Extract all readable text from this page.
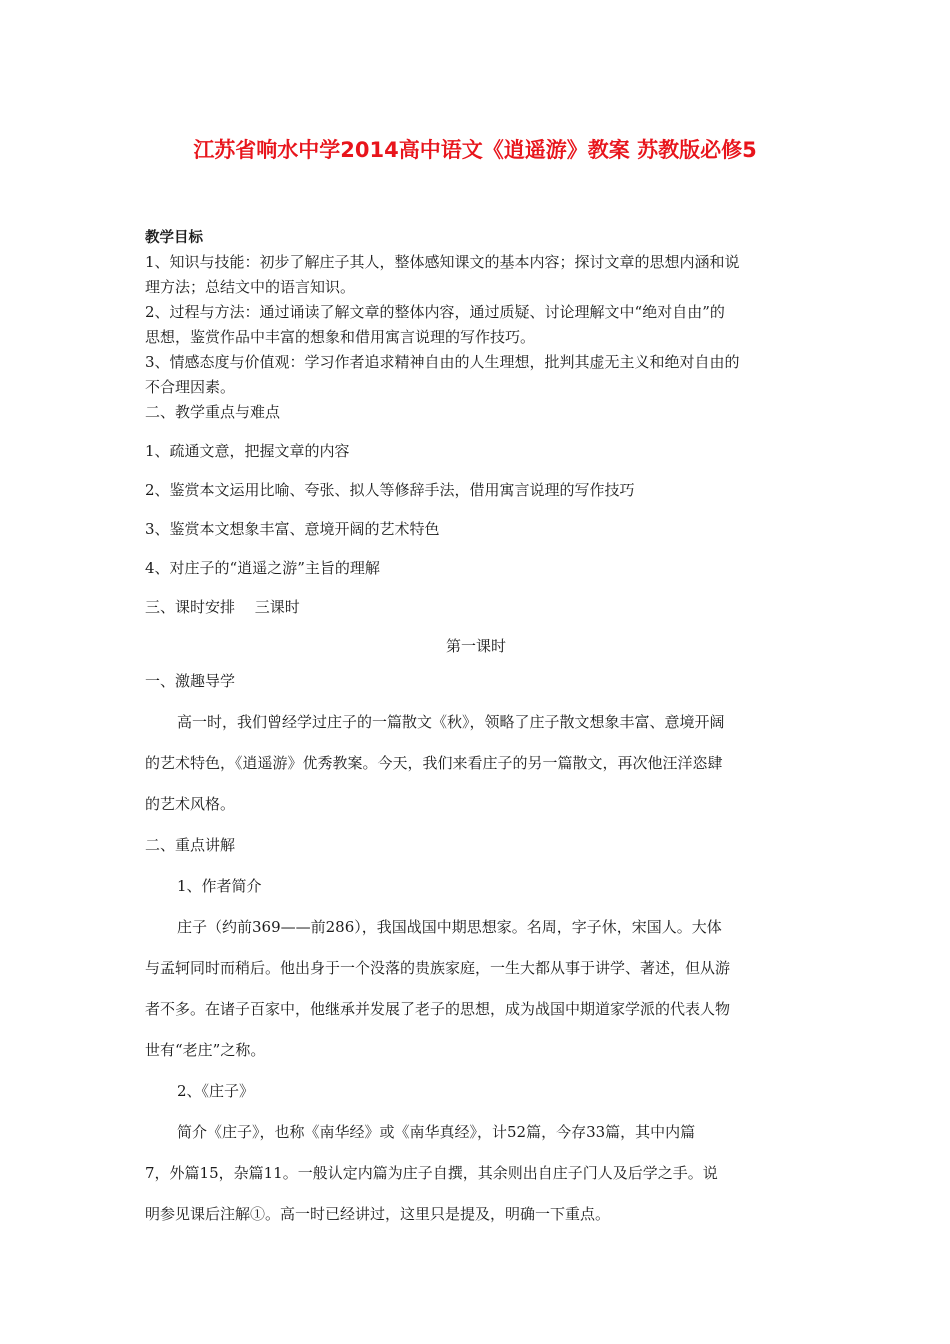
江苏省响水中学2014高中语文《逍遥游》教案 苏教版必修5

教学目标

1、知识与技能：初步了解庄子其人，整体感知课文的基本内容；探讨文章的思想内涵和说

理方法；总结文中的语言知识。

2、过程与方法：通过诵读了解文章的整体内容，通过质疑、讨论理解文中“绝对自由”的

思想，鉴赏作品中丰富的想象和借用寓言说理的写作技巧。

3、情感态度与价值观：学习作者追求精神自由的人生理想，批判其虚无主义和绝对自由的

不合理因素。

二、教学重点与难点

1、疏通文意，把握文章的内容

2、鉴赏本文运用比喻、夸张、拟人等修辞手法，借用寓言说理的写作技巧

3、鉴赏本文想象丰富、意境开阔的艺术特色

4、对庄子的“逍遥之游”主旨的理解

三、课时安排　 三课时

第一课时

一、激趣导学

高一时，我们曾经学过庄子的一篇散文《秋》，领略了庄子散文想象丰富、意境开阔

的艺术特色，《逍遥游》优秀教案。今天，我们来看庄子的另一篇散文，再次他汪洋恣肆

的艺术风格。

二、重点讲解

1、作者简介

庄子（约前369——前286），我国战国中期思想家。名周，字子休，宋国人。大体

与孟轲同时而稍后。他出身于一个没落的贵族家庭，一生大都从事于讲学、著述，但从游

者不多。在诸子百家中，他继承并发展了老子的思想，成为战国中期道家学派的代表人物

世有“老庄”之称。

2、《庄子》

简介《庄子》，也称《南华经》或《南华真经》，计52篇，今存33篇，其中内篇

7，外篇15，杂篇11。一般认定内篇为庄子自撰，其余则出自庄子门人及后学之手。说

明参见课后注解①。高一时已经讲过，这里只是提及，明确一下重点。
